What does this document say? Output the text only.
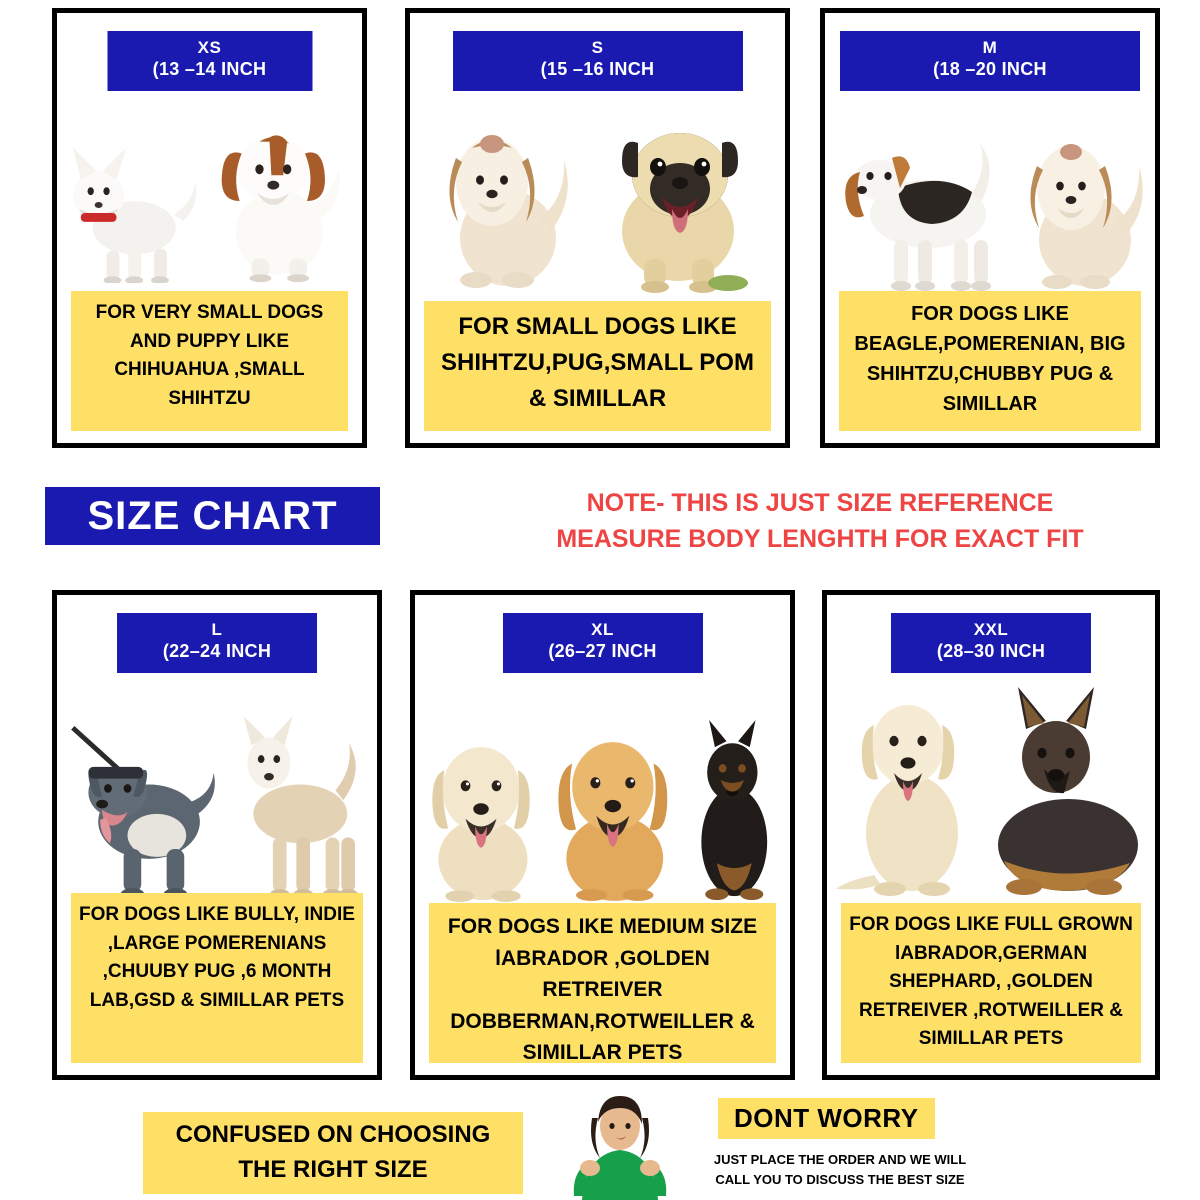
XS
(13 –14 INCH
FOR VERY SMALL DOGS AND PUPPY LIKE CHIHUAHUA ,SMALL SHIHTZU
S
(15 –16 INCH
FOR SMALL DOGS LIKE SHIHTZU,PUG,SMALL POM & SIMILLAR
M
(18 –20 INCH
FOR DOGS LIKE BEAGLE,POMERENIAN, BIG SHIHTZU,CHUBBY PUG & SIMILLAR
SIZE CHART	NOTE- THIS IS JUST SIZE REFERENCE
MEASURE BODY LENGHTH FOR EXACT FIT
L
(22–24 INCH
FOR DOGS LIKE BULLY, INDIE ,LARGE POMERENIANS ,CHUUBY PUG ,6 MONTH LAB,GSD & SIMILLAR PETS
XL
(26–27 INCH
FOR DOGS LIKE MEDIUM SIZE lABRADOR ,GOLDEN RETREIVER DOBBERMAN,ROTWEILLER & SIMILLAR PETS
XXL
(28–30 INCH
FOR DOGS LIKE FULL GROWN lABRADOR,GERMAN SHEPHARD, ,GOLDEN RETREIVER ,ROTWEILLER & SIMILLAR PETS
CONFUSED ON CHOOSING
THE RIGHT SIZE
DONT WORRY
JUST PLACE THE ORDER AND WE WILL
CALL YOU TO DISCUSS THE BEST SIZE
